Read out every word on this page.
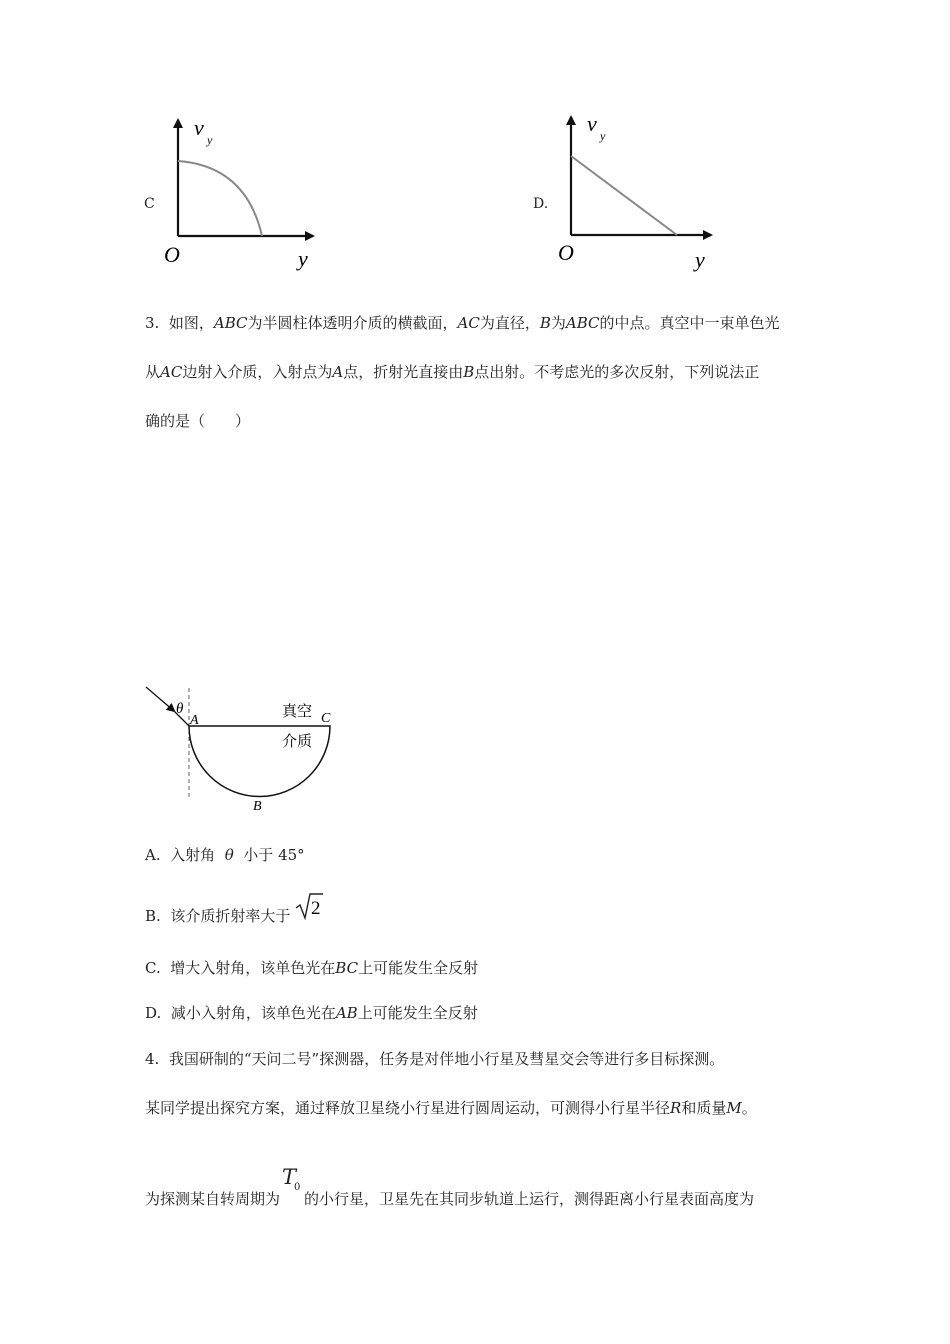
C
v y
O	y
D.
v y
O	y
3. 如图，ABC为半圆柱体透明介质的横截面，AC为直径，B为ABC的中点。真空中一束单色光
从AC边射入介质，入射点为A点，折射光直接由B点出射。不考虑光的多次反射，下列说法正
确的是（　　）
θ
A	C
B
真空
介质
A. 入射角 θ 小于 45°
B. 该介质折射率大于 2
C. 增大入射角，该单色光在BC上可能发生全反射
D. 减小入射角，该单色光在AB上可能发生全反射
4. 我国研制的“天问二号”探测器，任务是对伴地小行星及彗星交会等进行多目标探测。
某同学提出探究方案，通过释放卫星绕小行星进行圆周运动，可测得小行星半径R和质量M。
为探测某自转周期为
T
0
的小行星，卫星先在其同步轨道上运行，测得距离小行星表面高度为
